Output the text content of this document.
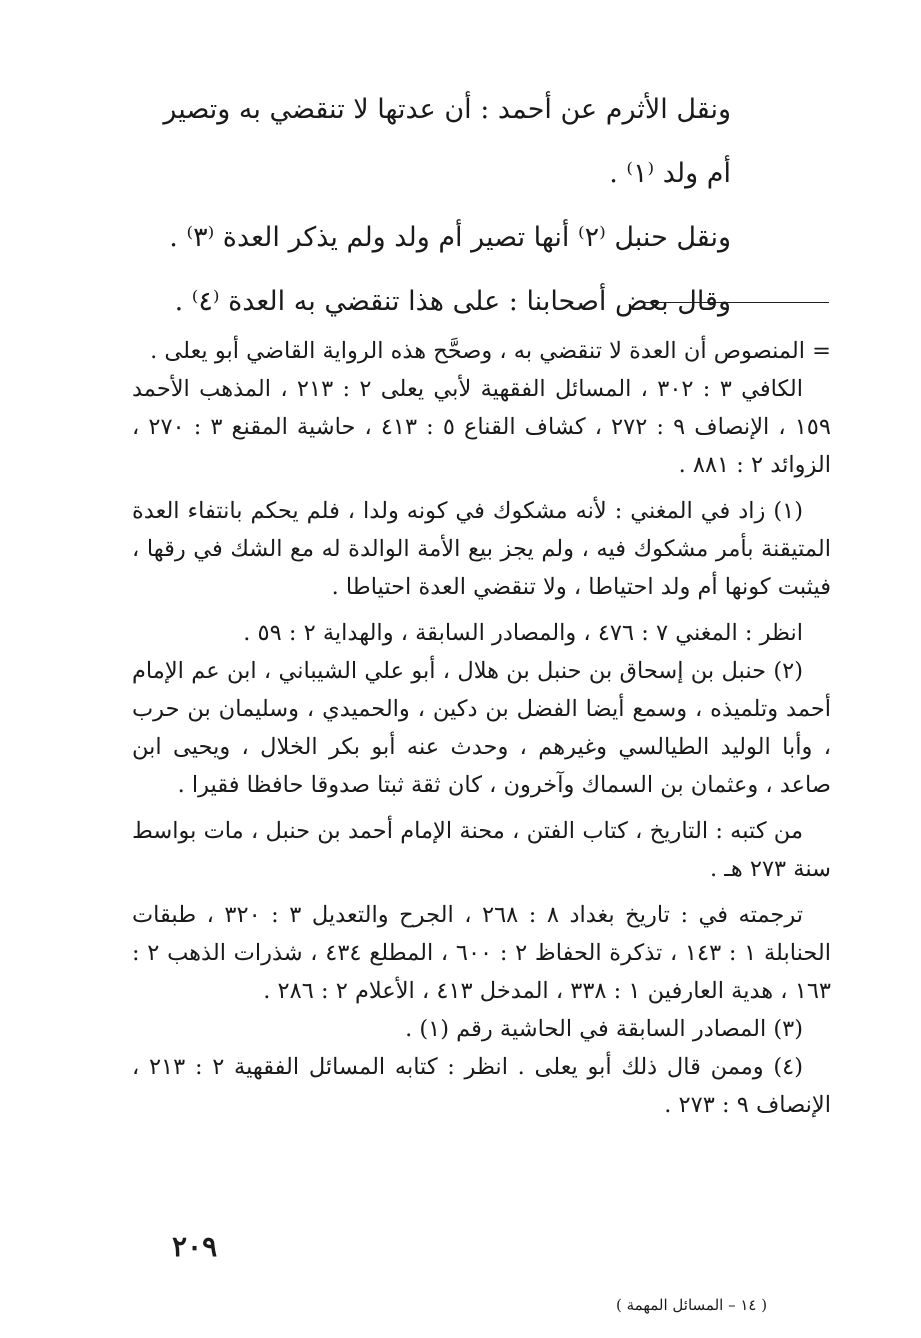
ونقل الأثرم عن أحمد : أن عدتها لا تنقضي به وتصير أم ولد ⁽١⁾ .

ونقل حنبل ⁽٢⁾ أنها تصير أم ولد ولم يذكر العدة ⁽٣⁾ .

وقال بعض أصحابنا : على هذا تنقضي به العدة ⁽٤⁾ .

= المنصوص أن العدة لا تنقضي به ، وصحَّح هذه الرواية القاضي أبو يعلى .

الكافي ٣ : ٣٠٢ ، المسائل الفقهية لأبي يعلى ٢ : ٢١٣ ، المذهب الأحمد ١٥٩ ، الإنصاف ٩ : ٢٧٢ ، كشاف القناع ٥ : ٤١٣ ، حاشية المقنع ٣ : ٢٧٠ ، الزوائد ٢ : ٨٨١ .

(١) زاد في المغني : لأنه مشكوك في كونه ولدا ، فلم يحكم بانتفاء العدة المتيقنة بأمر مشكوك فيه ، ولم يجز بيع الأمة الوالدة له مع الشك في رقها ، فيثبت كونها أم ولد احتياطا ، ولا تنقضي العدة احتياطا .

انظر : المغني ٧ : ٤٧٦ ، والمصادر السابقة ، والهداية ٢ : ٥٩ .

(٢) حنبل بن إسحاق بن حنبل بن هلال ، أبو علي الشيباني ، ابن عم الإمام أحمد وتلميذه ، وسمع أيضا الفضل بن دكين ، والحميدي ، وسليمان بن حرب ، وأبا الوليد الطيالسي وغيرهم ، وحدث عنه أبو بكر الخلال ، ويحيى ابن صاعد ، وعثمان بن السماك وآخرون ، كان ثقة ثبتا صدوقا حافظا فقيرا .

من كتبه : التاريخ ، كتاب الفتن ، محنة الإمام أحمد بن حنبل ، مات بواسط سنة ٢٧٣ هـ .

ترجمته في : تاريخ بغداد ٨ : ٢٦٨ ، الجرح والتعديل ٣ : ٣٢٠ ، طبقات الحنابلة ١ : ١٤٣ ، تذكرة الحفاظ ٢ : ٦٠٠ ، المطلع ٤٣٤ ، شذرات الذهب ٢ : ١٦٣ ، هدية العارفين ١ : ٣٣٨ ، المدخل ٤١٣ ، الأعلام ٢ : ٢٨٦ .

(٣) المصادر السابقة في الحاشية رقم (١) .

(٤) وممن قال ذلك أبو يعلى . انظر : كتابه المسائل الفقهية ٢ : ٢١٣ ، الإنصاف ٩ : ٢٧٣ .

٢٠٩
( ١٤ – المسائل المهمة )
